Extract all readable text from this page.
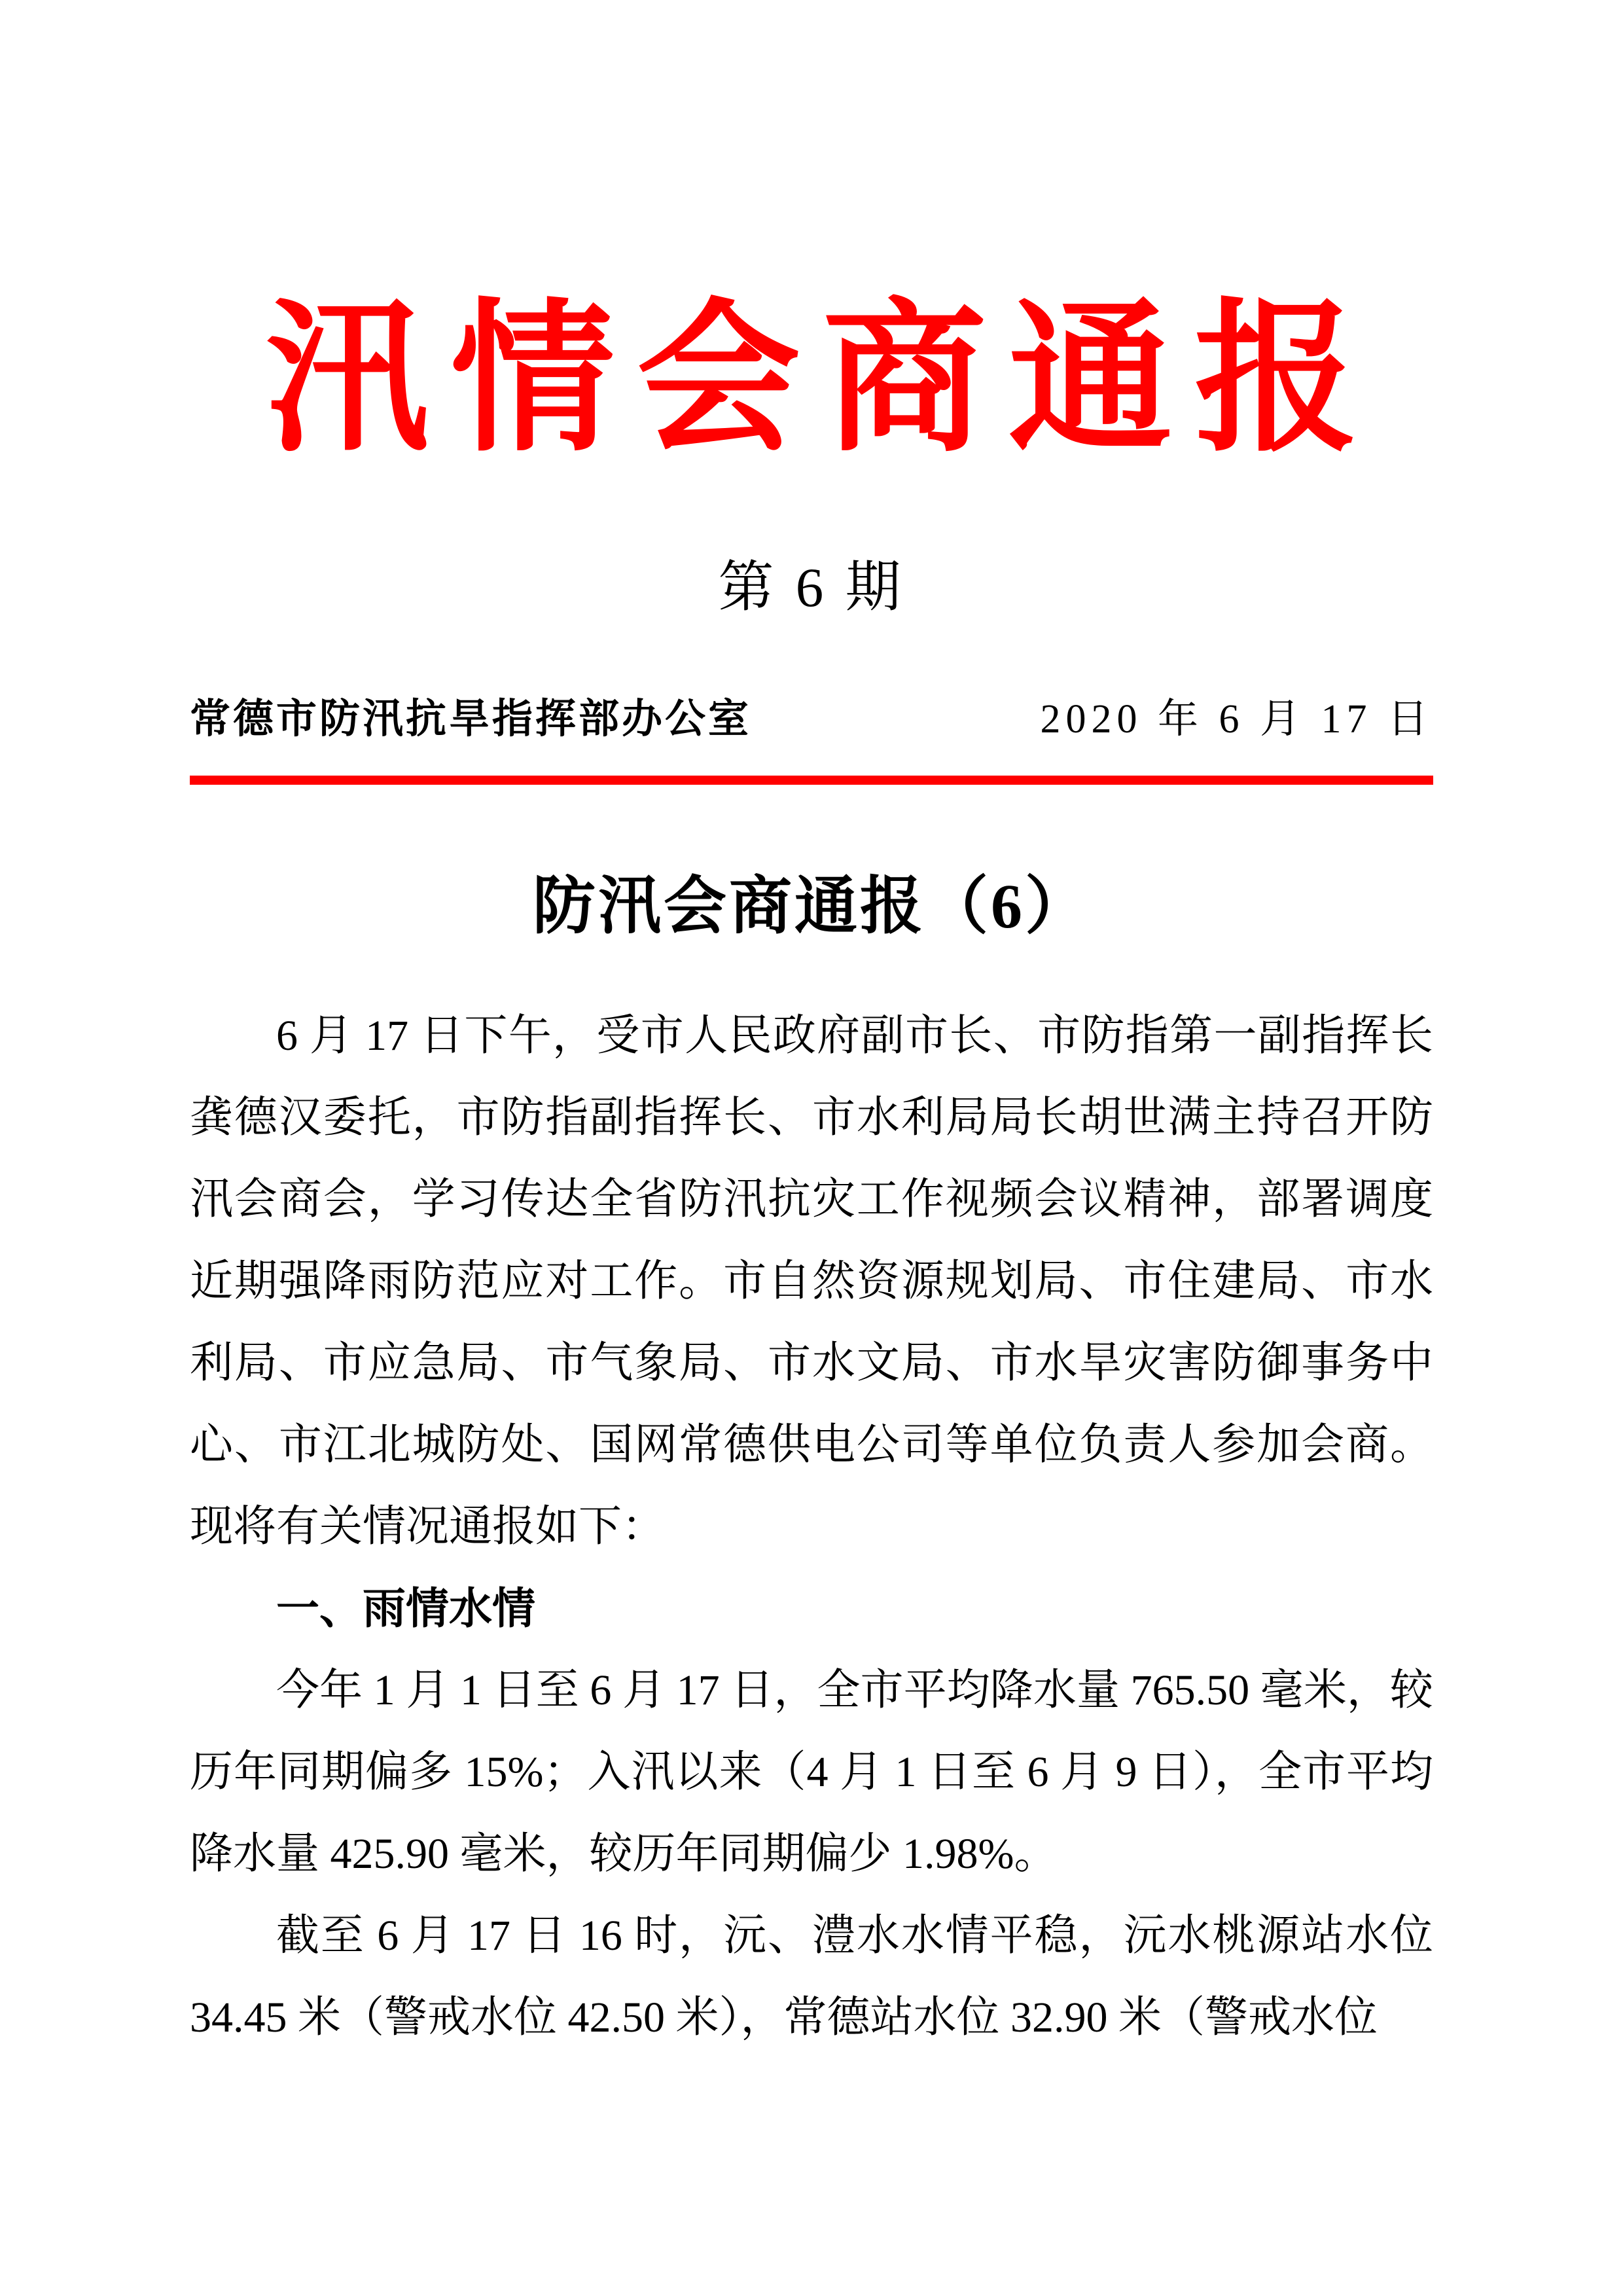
汛情会商通报
第 6 期
常德市防汛抗旱指挥部办公室	2020 年 6 月 17 日
防汛会商通报（6）

6 月 17 日下午，受市人民政府副市长、市防指第一副指挥长龚德汉委托，市防指副指挥长、市水利局局长胡世满主持召开防汛会商会，学习传达全省防汛抗灾工作视频会议精神，部署调度近期强降雨防范应对工作。市自然资源规划局、市住建局、市水利局、市应急局、市气象局、市水文局、市水旱灾害防御事务中心、市江北城防处、国网常德供电公司等单位负责人参加会商。现将有关情况通报如下：

一、雨情水情

今年 1 月 1 日至 6 月 17 日，全市平均降水量 765.50 毫米，较历年同期偏多 15%；入汛以来（4 月 1 日至 6 月 9 日），全市平均降水量 425.90 毫米，较历年同期偏少 1.98%。

截至 6 月 17 日 16 时，沅、澧水水情平稳，沅水桃源站水位 34.45 米（警戒水位 42.50 米），常德站水位 32.90 米（警戒水位
